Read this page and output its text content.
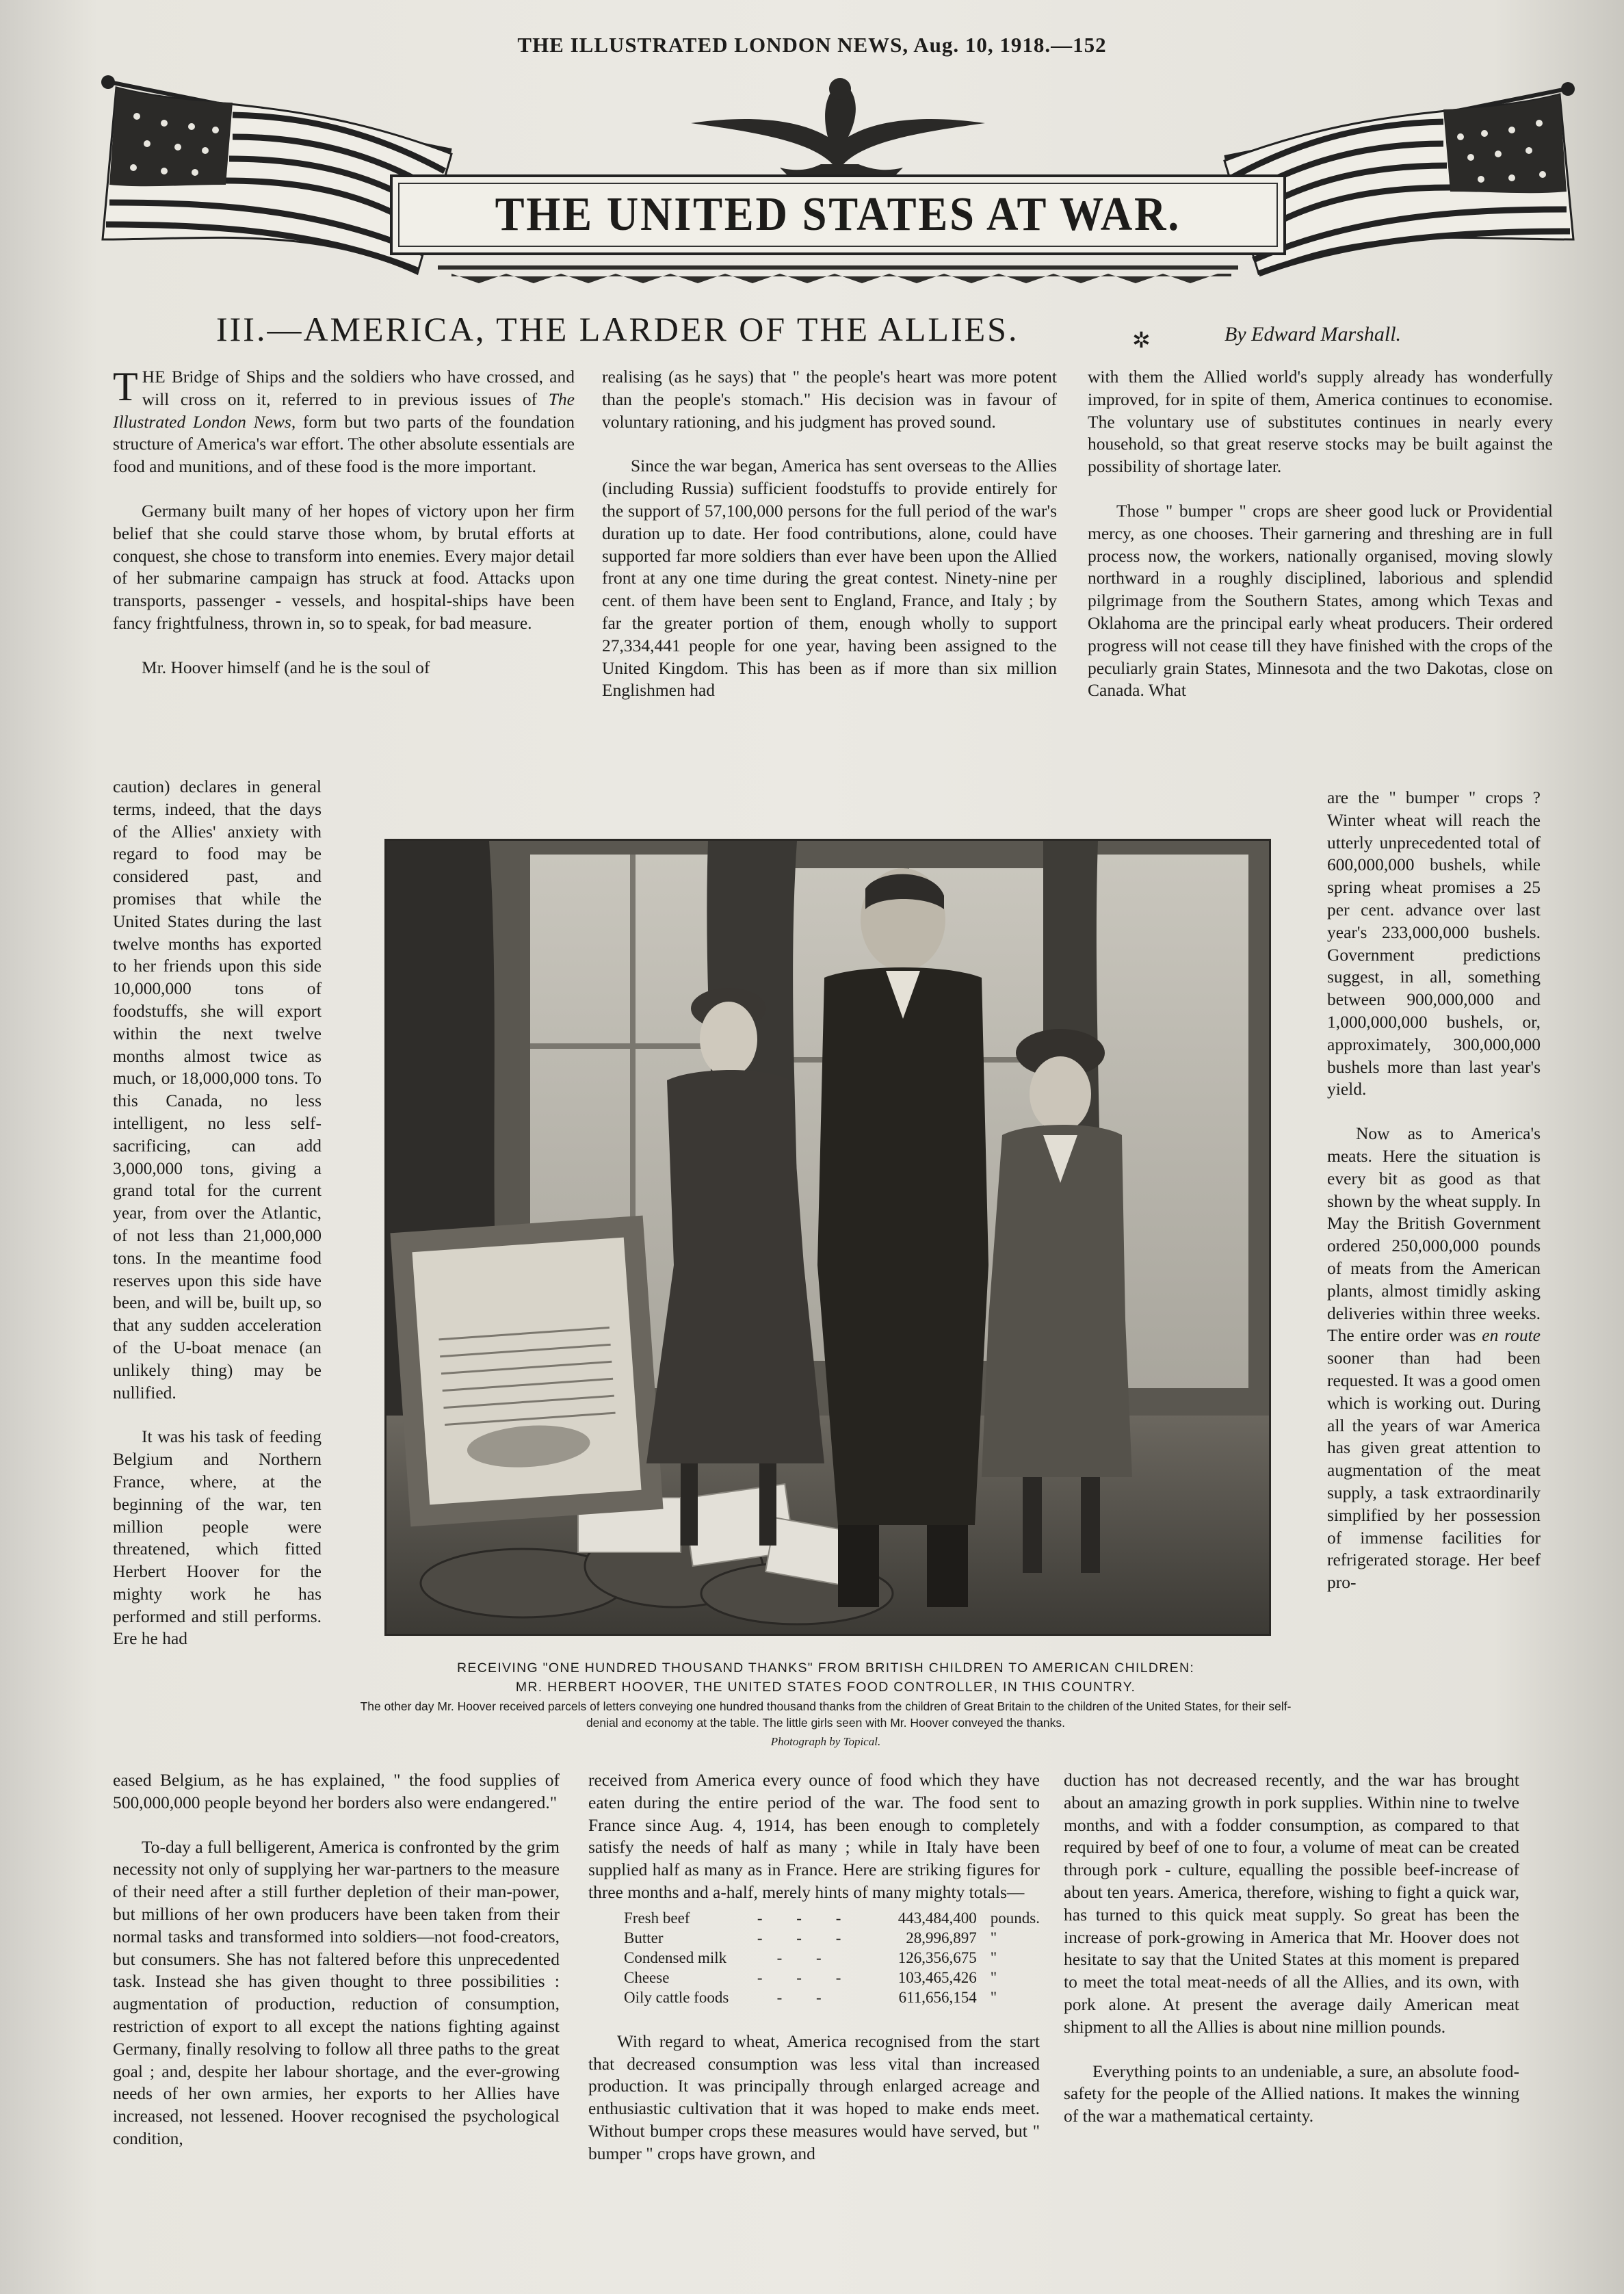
THE ILLUSTRATED LONDON NEWS, Aug. 10, 1918.—152
THE UNITED STATES AT WAR.
III.—AMERICA, THE LARDER OF THE ALLIES.	✲	By Edward Marshall.

THE Bridge of Ships and the soldiers who have crossed, and will cross on it, referred to in previous issues of The Illustrated London News, form but two parts of the foundation structure of America's war effort. The other absolute essentials are food and munitions, and of these food is the more important.

Germany built many of her hopes of victory upon her firm belief that she could starve those whom, by brutal efforts at conquest, she chose to transform into enemies. Every major detail of her submarine campaign has struck at food. Attacks upon transports, passenger - vessels, and hospital-ships have been fancy frightfulness, thrown in, so to speak, for bad measure.

Mr. Hoover himself (and he is the soul of

caution) declares in general terms, indeed, that the days of the Allies' anxiety with regard to food may be considered past, and promises that while the United States during the last twelve months has exported to her friends upon this side 10,000,000 tons of foodstuffs, she will export within the next twelve months almost twice as much, or 18,000,000 tons. To this Canada, no less intelligent, no less self-sacrificing, can add 3,000,000 tons, giving a grand total for the current year, from over the Atlantic, of not less than 21,000,000 tons. In the meantime food reserves upon this side have been, and will be, built up, so that any sudden acceleration of the U-boat menace (an unlikely thing) may be nullified.

It was his task of feeding Belgium and Northern France, where, at the beginning of the war, ten million people were threatened, which fitted Herbert Hoover for the mighty work he has performed and still performs. Ere he had

eased Belgium, as he has explained, " the food supplies of 500,000,000 people beyond her borders also were endangered."

To-day a full belligerent, America is confronted by the grim necessity not only of supplying her war-partners to the measure of their need after a still further depletion of their man-power, but millions of her own producers have been taken from their normal tasks and transformed into soldiers—not food-creators, but consumers. She has not faltered before this unprecedented task. Instead she has given thought to three possibilities : augmentation of production, reduction of consumption, restriction of export to all except the nations fighting against Germany, finally resolving to follow all three paths to the great goal ; and, despite her labour shortage, and the ever-growing needs of her own armies, her exports to her Allies have increased, not lessened. Hoover recognised the psychological condition,

realising (as he says) that " the people's heart was more potent than the people's stomach." His decision was in favour of voluntary rationing, and his judgment has proved sound.

Since the war began, America has sent overseas to the Allies (including Russia) sufficient foodstuffs to provide entirely for the support of 57,100,000 persons for the full period of the war's duration up to date. Her food contributions, alone, could have supported far more soldiers than ever have been upon the Allied front at any one time during the great contest. Ninety-nine per cent. of them have been sent to England, France, and Italy ; by far the greater portion of them, enough wholly to support 27,334,441 people for one year, having been assigned to the United Kingdom. This has been as if more than six million Englishmen had

received from America every ounce of food which they have eaten during the entire period of the war. The food sent to France since Aug. 4, 1914, has been enough to completely satisfy the needs of half as many ; while in Italy have been supplied half as many as in France. Here are striking figures for three months and a-half, merely hints of many mighty totals—

Fresh beef	- - -	443,484,400	pounds.
Butter	- - -	28,996,897	"
Condensed milk	- -	126,356,675	"
Cheese	- - -	103,465,426	"
Oily cattle foods	- -	611,656,154	"

With regard to wheat, America recognised from the start that decreased consumption was less vital than increased production. It was principally through enlarged acreage and enthusiastic cultivation that it was hoped to make ends meet. Without bumper crops these measures would have served, but " bumper " crops have grown, and

with them the Allied world's supply already has wonderfully improved, for in spite of them, America continues to economise. The voluntary use of substitutes continues in nearly every household, so that great reserve stocks may be built against the possibility of shortage later.

Those " bumper " crops are sheer good luck or Providential mercy, as one chooses. Their garnering and threshing are in full process now, the workers, nationally organised, moving slowly northward in a roughly disciplined, laborious and splendid pilgrimage from the Southern States, among which Texas and Oklahoma are the principal early wheat producers. Their ordered progress will not cease till they have finished with the crops of the peculiarly grain States, Minnesota and the two Dakotas, close on Canada. What

are the " bumper " crops ? Winter wheat will reach the utterly unprecedented total of 600,000,000 bushels, while spring wheat promises a 25 per cent. advance over last year's 233,000,000 bushels. Government predictions suggest, in all, something between 900,000,000 and 1,000,000,000 bushels, or, approximately, 300,000,000 bushels more than last year's yield.

Now as to America's meats. Here the situation is every bit as good as that shown by the wheat supply. In May the British Government ordered 250,000,000 pounds of meats from the American plants, almost timidly asking deliveries within three weeks. The entire order was en route sooner than had been requested. It was a good omen which is working out. During all the years of war America has given great attention to augmentation of the meat supply, a task extraordinarily simplified by her possession of immense facilities for refrigerated storage. Her beef pro-

duction has not decreased recently, and the war has brought about an amazing growth in pork supplies. Within nine to twelve months, and with a fodder consumption, as compared to that required by beef of one to four, a volume of meat can be created through pork - culture, equalling the possible beef-increase of about ten years. America, therefore, wishing to fight a quick war, has turned to this quick meat supply. So great has been the increase of pork-growing in America that Mr. Hoover does not hesitate to say that the United States at this moment is prepared to meet the total meat-needs of all the Allies, and its own, with pork alone. At present the average daily American meat shipment to all the Allies is about nine million pounds.

Everything points to an undeniable, a sure, an absolute food-safety for the people of the Allied nations. It makes the winning of the war a mathematical certainty.

RECEIVING "ONE HUNDRED THOUSAND THANKS" FROM BRITISH CHILDREN TO AMERICAN CHILDREN:
MR. HERBERT HOOVER, THE UNITED STATES FOOD CONTROLLER, IN THIS COUNTRY.
The other day Mr. Hoover received parcels of letters conveying one hundred thousand thanks from the children of Great Britain to the children of the United States, for their self-denial and economy at the table. The little girls seen with Mr. Hoover conveyed the thanks.
Photograph by Topical.
